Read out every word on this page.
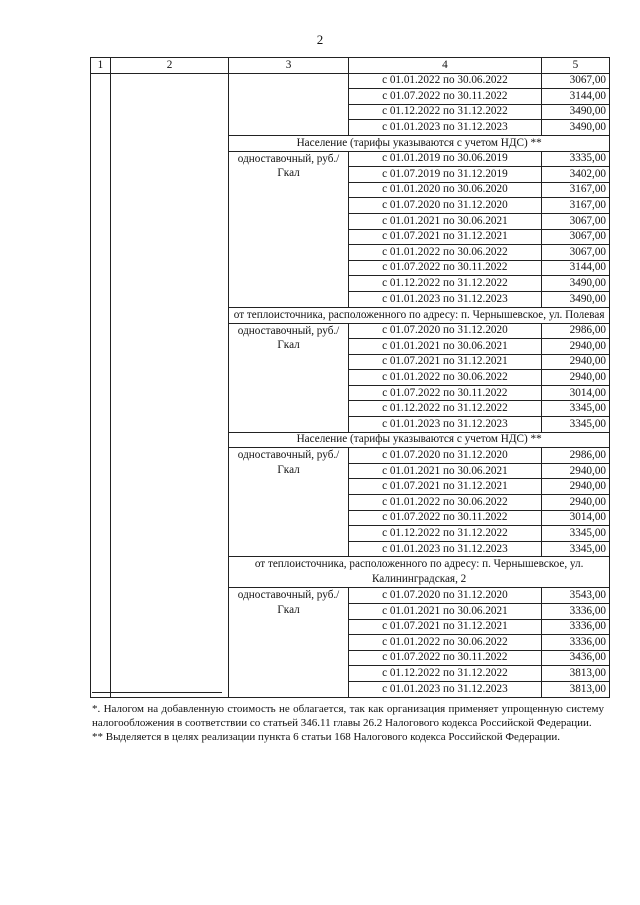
2
1	2	3	4	5
			с 01.01.2022 по 30.06.2022	3067,00
			с 01.07.2022 по 30.11.2022	3144,00
			с 01.12.2022 по 31.12.2022	3490,00
			с 01.01.2023 по 31.12.2023	3490,00
		Население (тарифы указываются с учетом НДС) **		
		одноставочный, руб./Гкал	с 01.01.2019 по 30.06.2019	3335,00
			с 01.07.2019 по 31.12.2019	3402,00
			с 01.01.2020 по 30.06.2020	3167,00
			с 01.07.2020 по 31.12.2020	3167,00
			с 01.01.2021 по 30.06.2021	3067,00
			с 01.07.2021 по 31.12.2021	3067,00
			с 01.01.2022 по 30.06.2022	3067,00
			с 01.07.2022 по 30.11.2022	3144,00
			с 01.12.2022 по 31.12.2022	3490,00
			с 01.01.2023 по 31.12.2023	3490,00
		от теплоисточника, расположенного по адресу: п. Чернышевское, ул. Полевая		
		одноставочный, руб./Гкал	с 01.07.2020 по 31.12.2020	2986,00
			с 01.01.2021 по 30.06.2021	2940,00
			с 01.07.2021 по 31.12.2021	2940,00
			с 01.01.2022 по 30.06.2022	2940,00
			с 01.07.2022 по 30.11.2022	3014,00
			с 01.12.2022 по 31.12.2022	3345,00
			с 01.01.2023 по 31.12.2023	3345,00
		Население (тарифы указываются с учетом НДС) **		
		одноставочный, руб./Гкал	с 01.07.2020 по 31.12.2020	2986,00
			с 01.01.2021 по 30.06.2021	2940,00
			с 01.07.2021 по 31.12.2021	2940,00
			с 01.01.2022 по 30.06.2022	2940,00
			с 01.07.2022 по 30.11.2022	3014,00
			с 01.12.2022 по 31.12.2022	3345,00
			с 01.01.2023 по 31.12.2023	3345,00
		от теплоисточника, расположенного по адресу: п. Чернышевское, ул. Калининградская, 2		
		одноставочный, руб./Гкал	с 01.07.2020 по 31.12.2020	3543,00
			с 01.01.2021 по 30.06.2021	3336,00
			с 01.07.2021 по 31.12.2021	3336,00
			с 01.01.2022 по 30.06.2022	3336,00
			с 01.07.2022 по 30.11.2022	3436,00
			с 01.12.2022 по 31.12.2022	3813,00
			с 01.01.2023 по 31.12.2023	3813,00

*. Налогом на добавленную стоимость не облагается, так как организация применяет упрощенную систему налогообложения в соответствии со статьей 346.11 главы 26.2 Налогового кодекса Российской Федерации.

** Выделяется в целях реализации пункта 6 статьи 168 Налогового кодекса Российской Федерации.
